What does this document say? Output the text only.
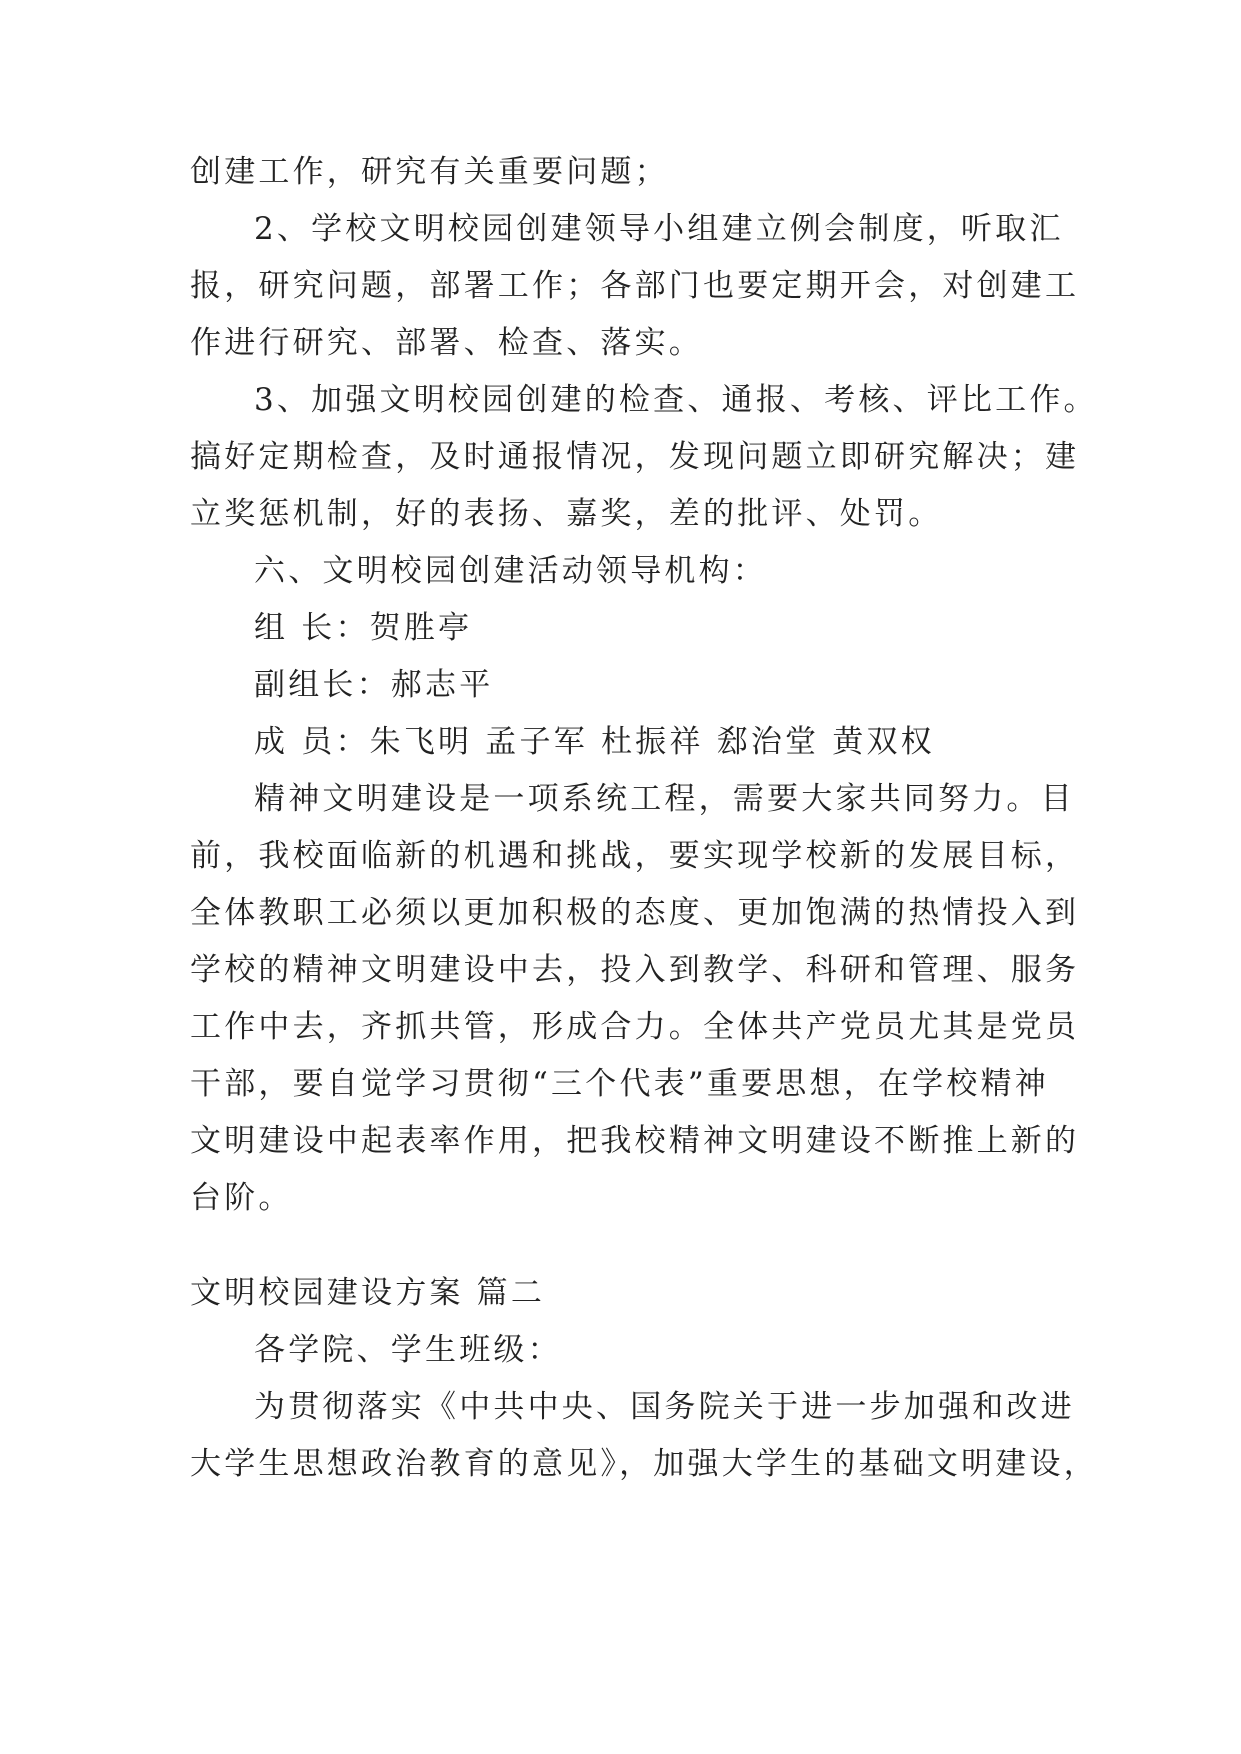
创建工作，研究有关重要问题；
2、学校文明校园创建领导小组建立例会制度，听取汇
报，研究问题，部署工作；各部门也要定期开会，对创建工
作进行研究、部署、检查、落实。
3、加强文明校园创建的检查、通报、考核、评比工作。
搞好定期检查，及时通报情况，发现问题立即研究解决；建
立奖惩机制，好的表扬、嘉奖，差的批评、处罚。
六、文明校园创建活动领导机构：
组 长：贺胜亭
副组长：郝志平
成 员：朱飞明 孟子军 杜振祥 郄治堂 黄双权
精神文明建设是一项系统工程，需要大家共同努力。目
前，我校面临新的机遇和挑战，要实现学校新的发展目标，
全体教职工必须以更加积极的态度、更加饱满的热情投入到
学校的精神文明建设中去，投入到教学、科研和管理、服务
工作中去，齐抓共管，形成合力。全体共产党员尤其是党员
干部，要自觉学习贯彻“三个代表”重要思想，在学校精神
文明建设中起表率作用，把我校精神文明建设不断推上新的
台阶。
文明校园建设方案 篇二
各学院、学生班级：
为贯彻落实《中共中央、国务院关于进一步加强和改进
大学生思想政治教育的意见》，加强大学生的基础文明建设，
